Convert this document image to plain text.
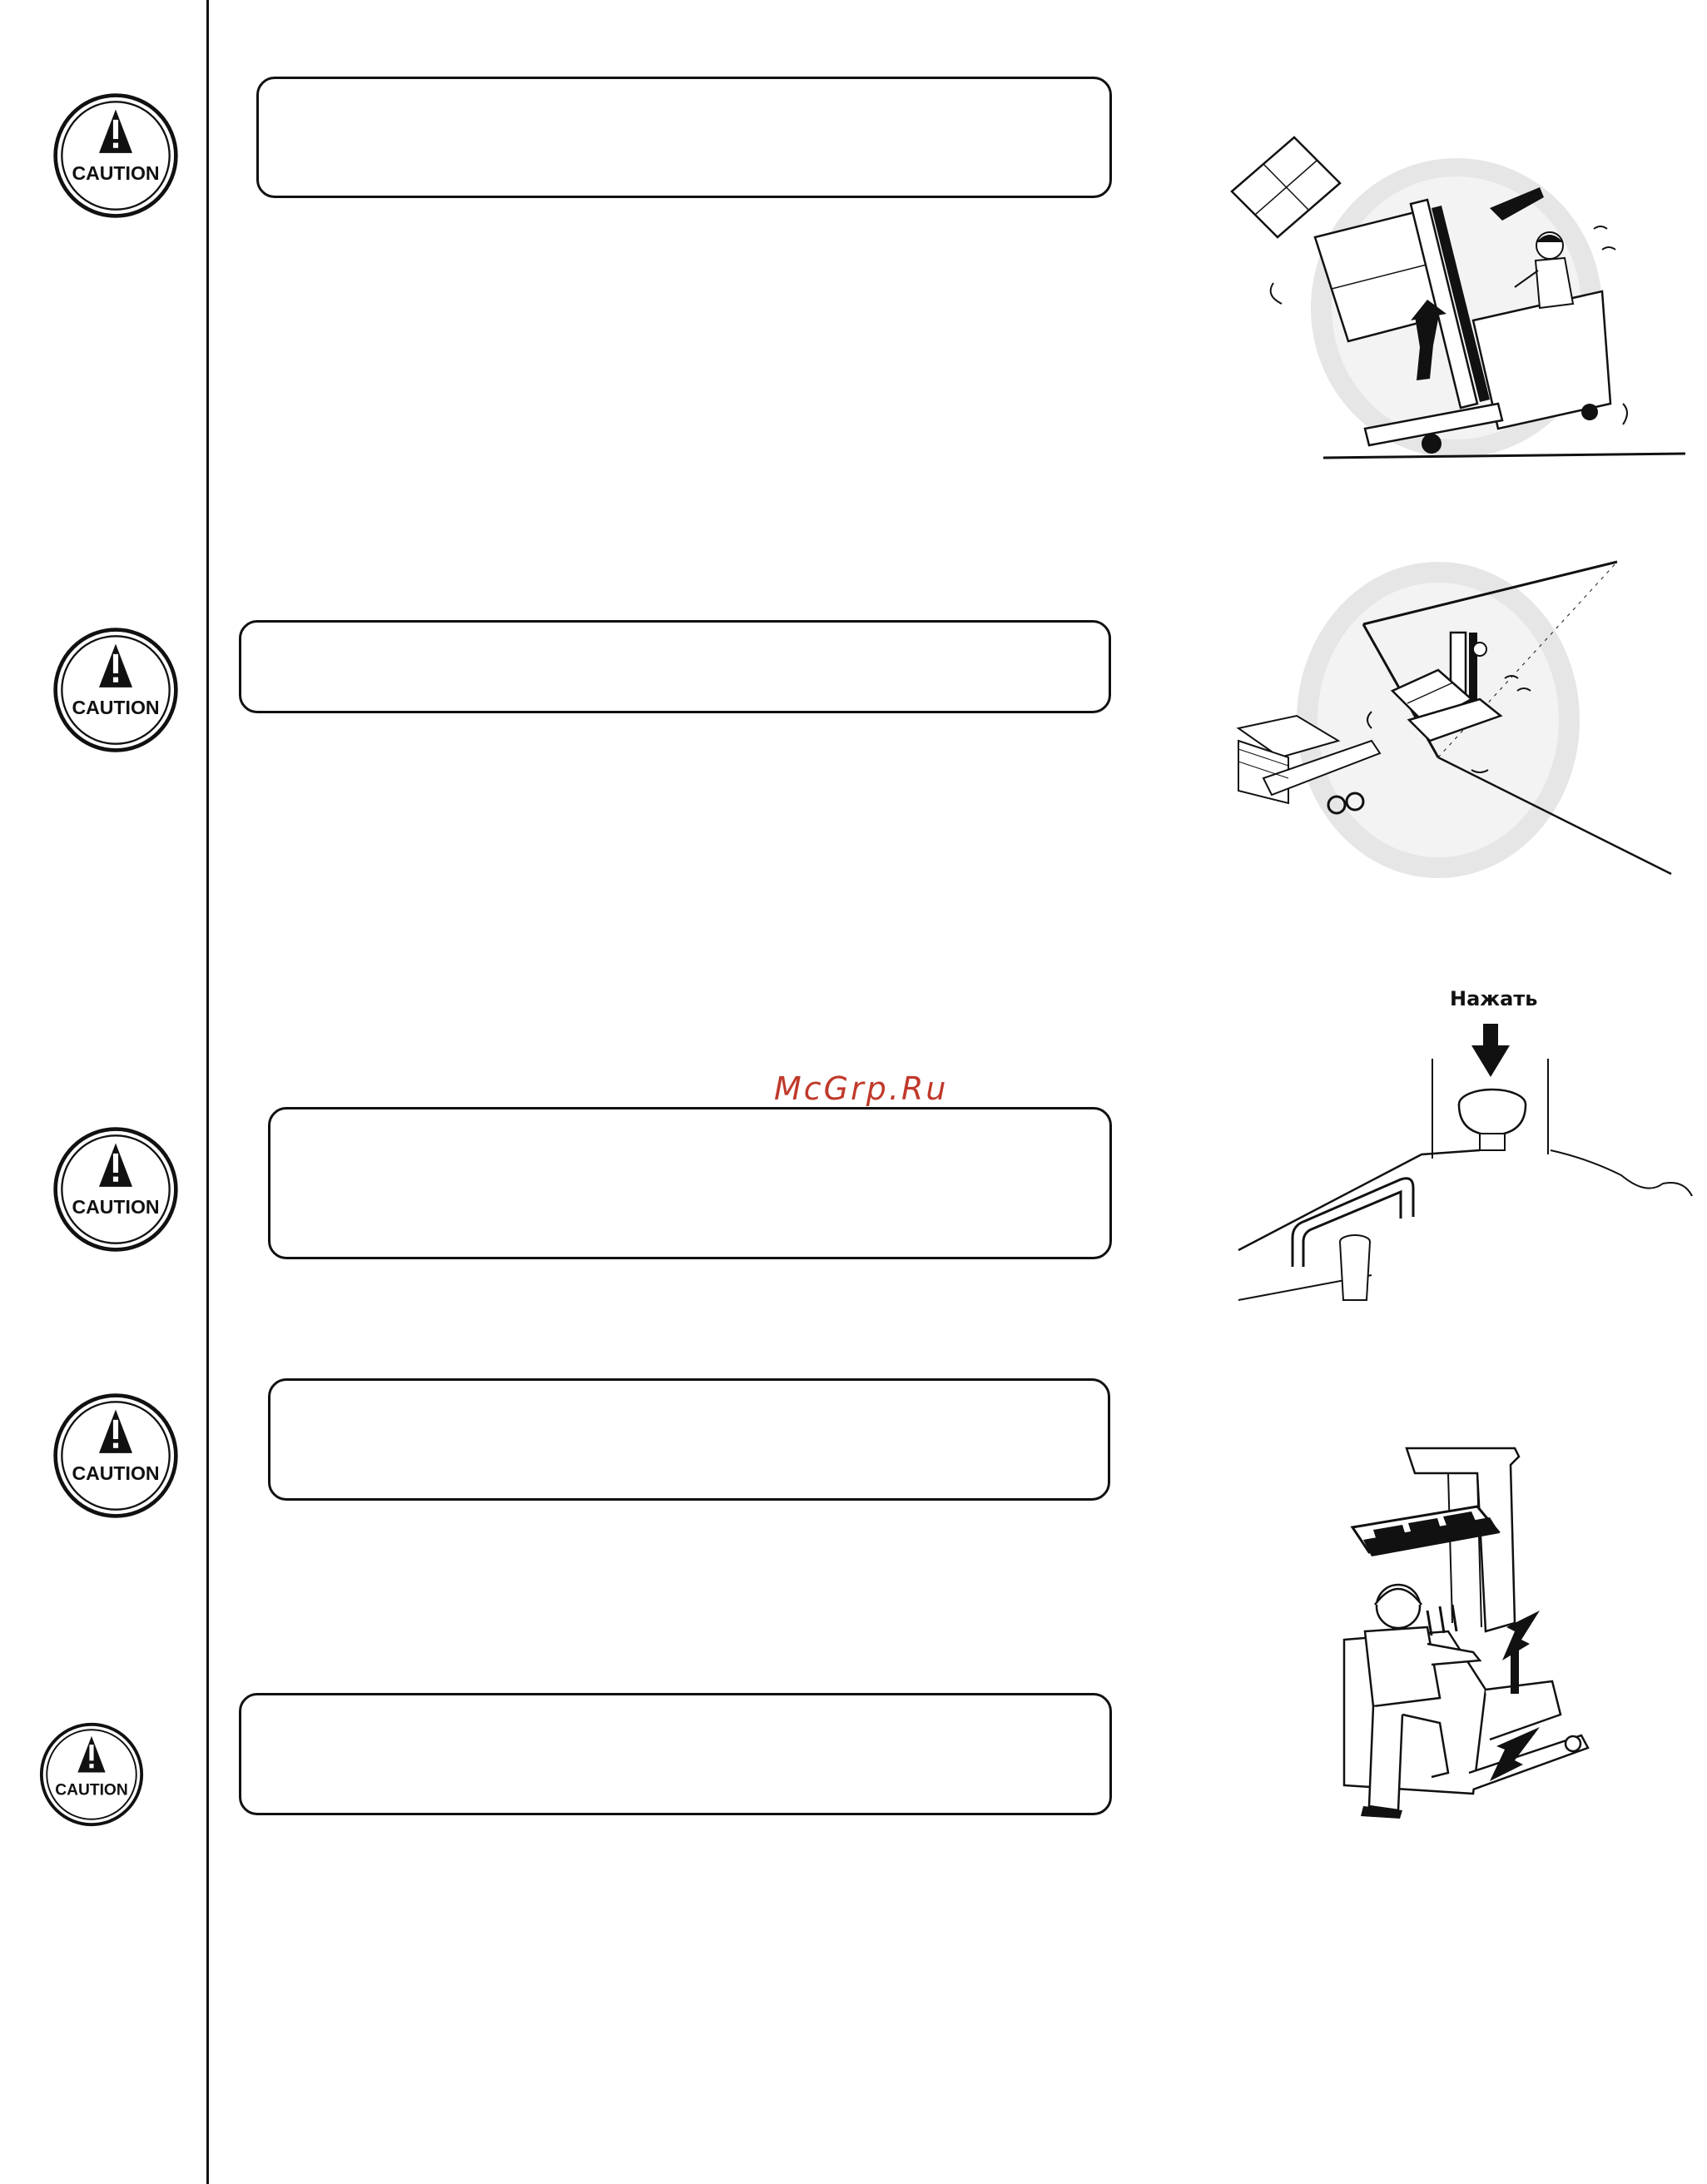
CAUTION
CAUTION
CAUTION
CAUTION
CAUTION
McGrp.Ru
Нажать
